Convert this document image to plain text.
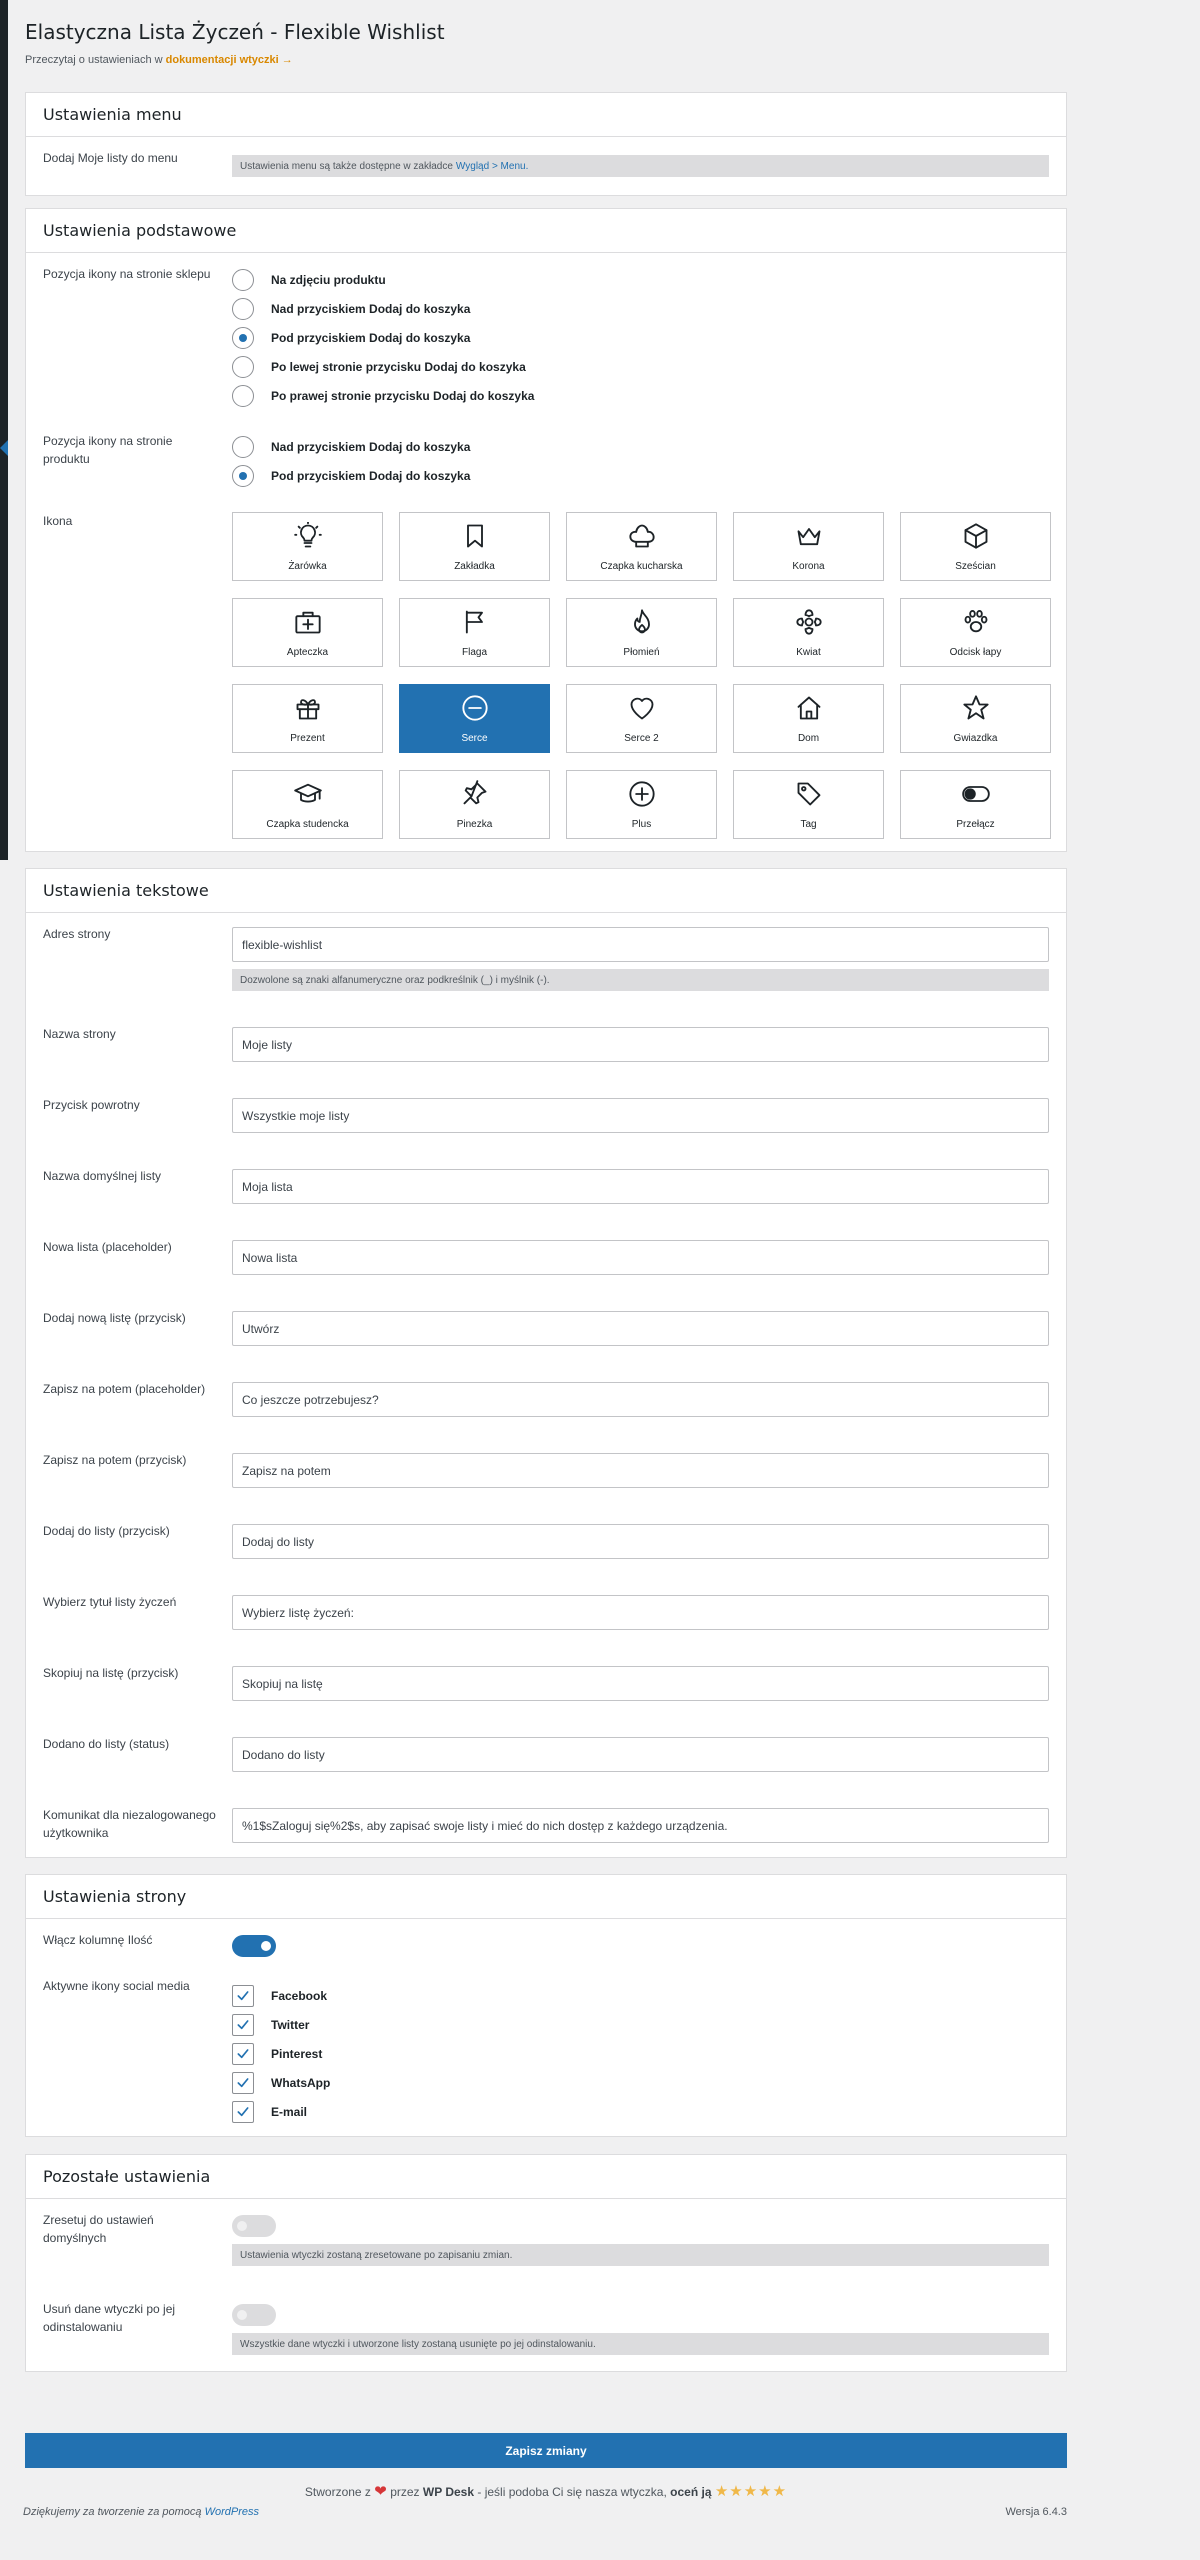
Elastyczna Lista Życzeń - Flexible Wishlist
Przeczytaj o ustawieniach w dokumentacji wtyczki →
Ustawienia menu
Dodaj Moje listy do menu
Ustawienia menu są także dostępne w zakładce Wygląd > Menu.
Ustawienia podstawowe
Pozycja ikony na stronie sklepu	Na zdjęciu produktu
Nad przyciskiem Dodaj do koszyka
Pod przyciskiem Dodaj do koszyka
Po lewej stronie przycisku Dodaj do koszyka
Po prawej stronie przycisku Dodaj do koszyka
Pozycja ikony na stronie produktu
Nad przyciskiem Dodaj do koszyka
Pod przyciskiem Dodaj do koszyka
Ikona
Żarówka	Zakładka	Czapka kucharska	Korona	Sześcian
Apteczka	Flaga	Płomień	Kwiat	Odcisk łapy
Prezent	Serce	Serce 2	Dom	Gwiazdka
Czapka studencka	Pinezka	Plus	Tag	Przełącz
Ustawienia tekstowe
Adres strony
flexible-wishlist
Dozwolone są znaki alfanumeryczne oraz podkreślnik (_) i myślnik (-).
Nazwa strony
Moje listy
Przycisk powrotny
Wszystkie moje listy
Nazwa domyślnej listy
Moja lista
Nowa lista (placeholder)
Nowa lista
Dodaj nową listę (przycisk)
Utwórz
Zapisz na potem (placeholder)
Co jeszcze potrzebujesz?
Zapisz na potem (przycisk)
Zapisz na potem
Dodaj do listy (przycisk)
Dodaj do listy
Wybierz tytuł listy życzeń
Wybierz listę życzeń:
Skopiuj na listę (przycisk)
Skopiuj na listę
Dodano do listy (status)
Dodano do listy
Komunikat dla niezalogowanego użytkownika
%1$sZaloguj się%2$s, aby zapisać swoje listy i mieć do nich dostęp z każdego urządzenia.
Ustawienia strony
Włącz kolumnę Ilość
Aktywne ikony social media
Facebook
Twitter
Pinterest
WhatsApp
E-mail
Pozostałe ustawienia
Zresetuj do ustawień domyślnych
Ustawienia wtyczki zostaną zresetowane po zapisaniu zmian.
Usuń dane wtyczki po jej odinstalowaniu
Wszystkie dane wtyczki i utworzone listy zostaną usunięte po jej odinstalowaniu.
Zapisz zmiany
Stworzone z ❤ przez WP Desk - jeśli podoba Ci się nasza wtyczka, oceń ją ★★★★★
Dziękujemy za tworzenie za pomocą WordPress	Wersja 6.4.3
